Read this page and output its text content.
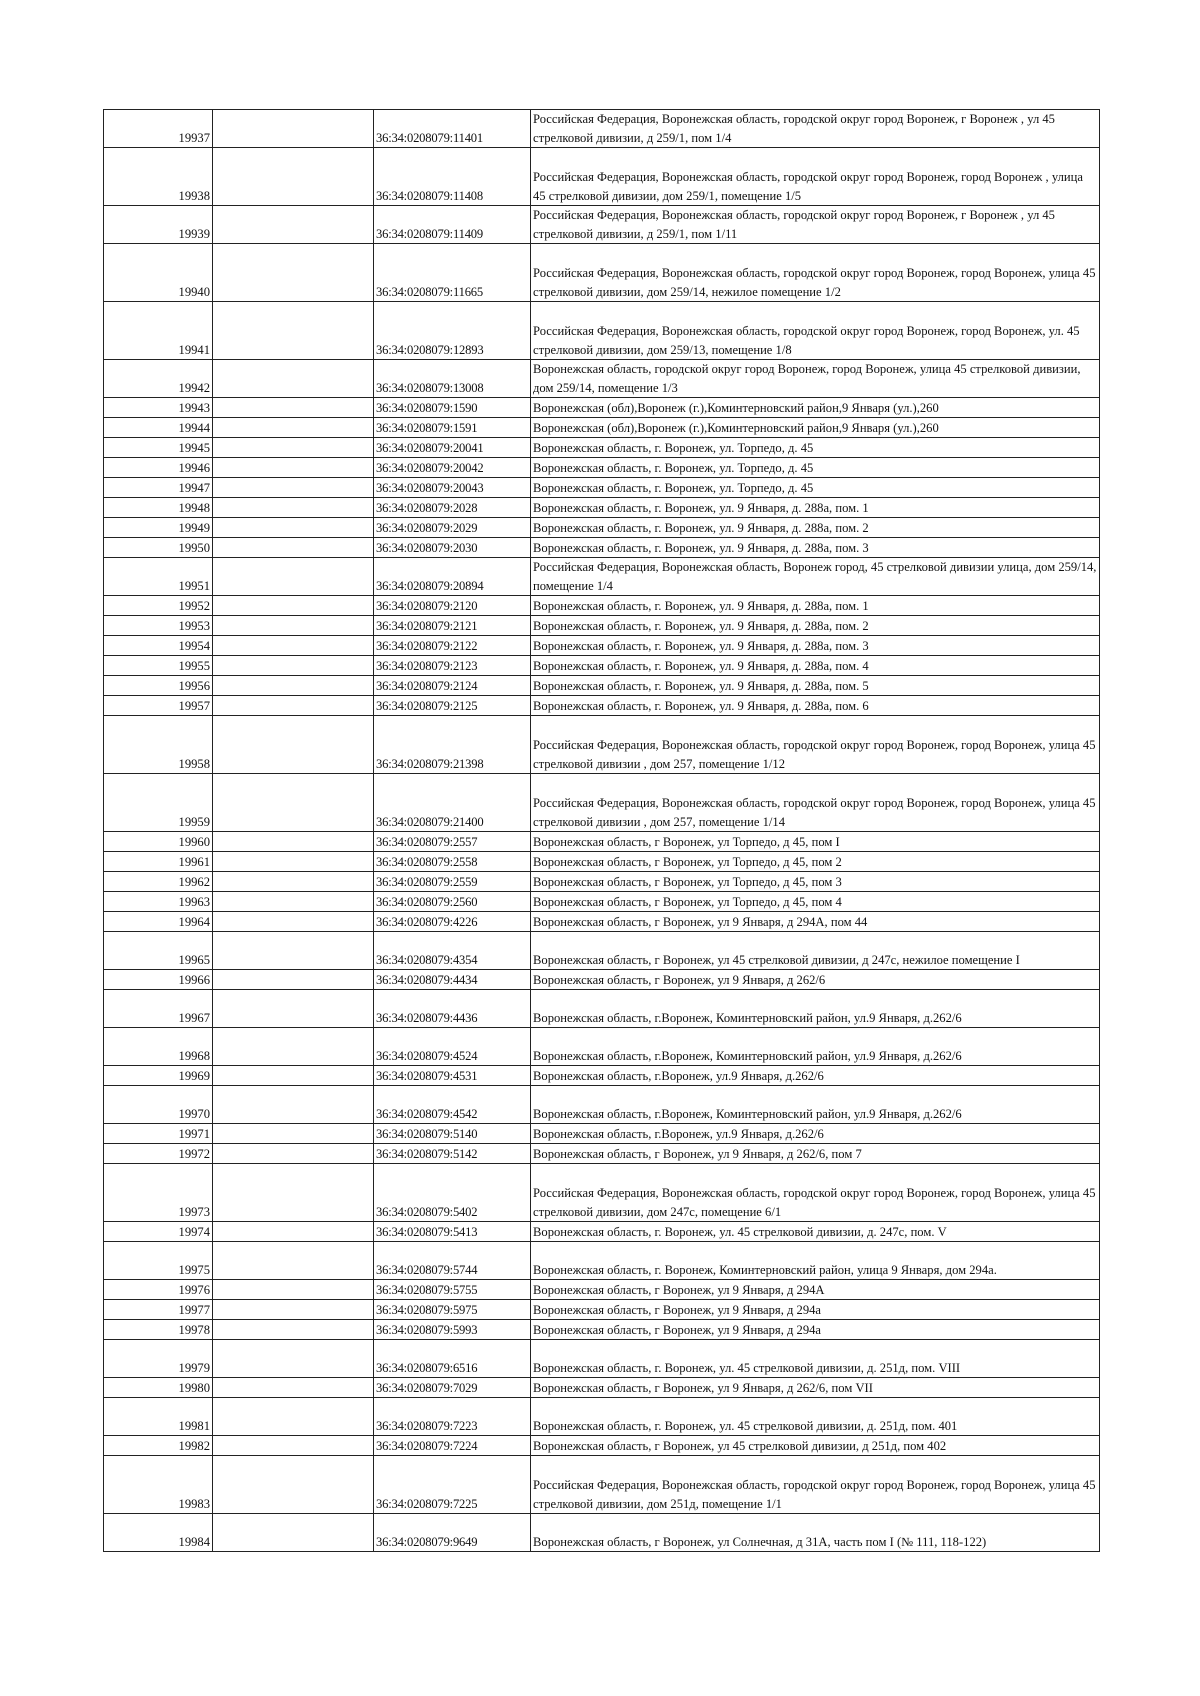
19937		36:34:0208079:11401	Российская Федерация, Воронежская область, городской округ город Воронеж, г Воронеж , ул 45 стрелковой дивизии, д 259/1, пом 1/4
19938		36:34:0208079:11408	Российская Федерация, Воронежская область, городской округ город Воронеж, город Воронеж , улица 45 стрелковой дивизии, дом 259/1, помещение 1/5
19939		36:34:0208079:11409	Российская Федерация, Воронежская область, городской округ город Воронеж, г Воронеж , ул 45 стрелковой дивизии, д 259/1, пом 1/11
19940		36:34:0208079:11665	Российская Федерация, Воронежская область, городской округ город Воронеж, город Воронеж, улица 45 стрелковой дивизии, дом 259/14, нежилое помещение 1/2
19941		36:34:0208079:12893	Российская Федерация, Воронежская область, городской округ город Воронеж, город Воронеж, ул. 45 стрелковой дивизии, дом 259/13, помещение 1/8
19942		36:34:0208079:13008	Воронежская область, городской округ город Воронеж, город Воронеж, улица 45 стрелковой дивизии, дом 259/14, помещение 1/3
19943		36:34:0208079:1590	Воронежская (обл),Воронеж (г.),Коминтерновский район,9 Января (ул.),260
19944		36:34:0208079:1591	Воронежская (обл),Воронеж (г.),Коминтерновский район,9 Января (ул.),260
19945		36:34:0208079:20041	Воронежская область, г. Воронеж, ул. Торпедо, д. 45
19946		36:34:0208079:20042	Воронежская область, г. Воронеж, ул. Торпедо, д. 45
19947		36:34:0208079:20043	Воронежская область, г. Воронеж, ул. Торпедо, д. 45
19948		36:34:0208079:2028	Воронежская область, г. Воронеж, ул. 9 Января, д. 288а, пом. 1
19949		36:34:0208079:2029	Воронежская область, г. Воронеж, ул. 9 Января, д. 288а, пом. 2
19950		36:34:0208079:2030	Воронежская область, г. Воронеж, ул. 9 Января, д. 288а, пом. 3
19951		36:34:0208079:20894	Российская Федерация, Воронежская область, Воронеж город, 45 стрелковой дивизии улица, дом 259/14, помещение 1/4
19952		36:34:0208079:2120	Воронежская область, г. Воронеж, ул. 9 Января, д. 288а, пом. 1
19953		36:34:0208079:2121	Воронежская область, г. Воронеж, ул. 9 Января, д. 288а, пом. 2
19954		36:34:0208079:2122	Воронежская область, г. Воронеж, ул. 9 Января, д. 288а, пом. 3
19955		36:34:0208079:2123	Воронежская область, г. Воронеж, ул. 9 Января, д. 288а, пом. 4
19956		36:34:0208079:2124	Воронежская область, г. Воронеж, ул. 9 Января, д. 288а, пом. 5
19957		36:34:0208079:2125	Воронежская область, г. Воронеж, ул. 9 Января, д. 288а, пом. 6
19958		36:34:0208079:21398	Российская Федерация, Воронежская область, городской округ город Воронеж, город Воронеж, улица 45 стрелковой дивизии , дом 257, помещение 1/12
19959		36:34:0208079:21400	Российская Федерация, Воронежская область, городской округ город Воронеж, город Воронеж, улица 45 стрелковой дивизии , дом 257, помещение 1/14
19960		36:34:0208079:2557	Воронежская область, г Воронеж, ул Торпедо, д 45, пом I
19961		36:34:0208079:2558	Воронежская область, г Воронеж, ул Торпедо, д 45, пом 2
19962		36:34:0208079:2559	Воронежская область, г Воронеж, ул Торпедо, д 45, пом 3
19963		36:34:0208079:2560	Воронежская область, г Воронеж, ул Торпедо, д 45, пом 4
19964		36:34:0208079:4226	Воронежская область, г Воронеж, ул 9 Января, д 294А, пом 44
19965		36:34:0208079:4354	Воронежская область, г Воронеж, ул 45 стрелковой дивизии, д 247с, нежилое помещение I
19966		36:34:0208079:4434	Воронежская область, г Воронеж, ул 9 Января, д 262/6
19967		36:34:0208079:4436	Воронежская область, г.Воронеж, Коминтерновский район, ул.9 Января, д.262/6
19968		36:34:0208079:4524	Воронежская область, г.Воронеж, Коминтерновский район, ул.9 Января, д.262/6
19969		36:34:0208079:4531	Воронежская область, г.Воронеж, ул.9 Января, д.262/6
19970		36:34:0208079:4542	Воронежская область, г.Воронеж, Коминтерновский район, ул.9 Января, д.262/6
19971		36:34:0208079:5140	Воронежская область, г.Воронеж, ул.9 Января, д.262/6
19972		36:34:0208079:5142	Воронежская область, г Воронеж, ул 9 Января, д 262/6, пом 7
19973		36:34:0208079:5402	Российская Федерация, Воронежская область, городской округ город Воронеж, город Воронеж, улица 45 стрелковой дивизии, дом 247с, помещение 6/1
19974		36:34:0208079:5413	Воронежская область, г. Воронеж, ул. 45 стрелковой дивизии, д. 247с, пом. V
19975		36:34:0208079:5744	Воронежская область, г. Воронеж, Коминтерновский район, улица 9 Января, дом 294а.
19976		36:34:0208079:5755	Воронежская область, г Воронеж, ул 9 Января, д 294А
19977		36:34:0208079:5975	Воронежская область, г Воронеж, ул 9 Января, д 294а
19978		36:34:0208079:5993	Воронежская область, г Воронеж, ул 9 Января, д 294а
19979		36:34:0208079:6516	Воронежская область, г. Воронеж, ул. 45 стрелковой дивизии, д. 251д, пом. VIII
19980		36:34:0208079:7029	Воронежская область, г Воронеж, ул 9 Января, д 262/6, пом VII
19981		36:34:0208079:7223	Воронежская область, г. Воронеж, ул. 45 стрелковой дивизии, д. 251д, пом. 401
19982		36:34:0208079:7224	Воронежская область, г Воронеж, ул 45 стрелковой дивизии, д 251д, пом 402
19983		36:34:0208079:7225	Российская Федерация, Воронежская область, городской округ город Воронеж, город Воронеж, улица 45 стрелковой дивизии, дом 251д, помещение 1/1
19984		36:34:0208079:9649	Воронежская область, г Воронеж, ул Солнечная, д 31А, часть пом I (№ 111, 118-122)
